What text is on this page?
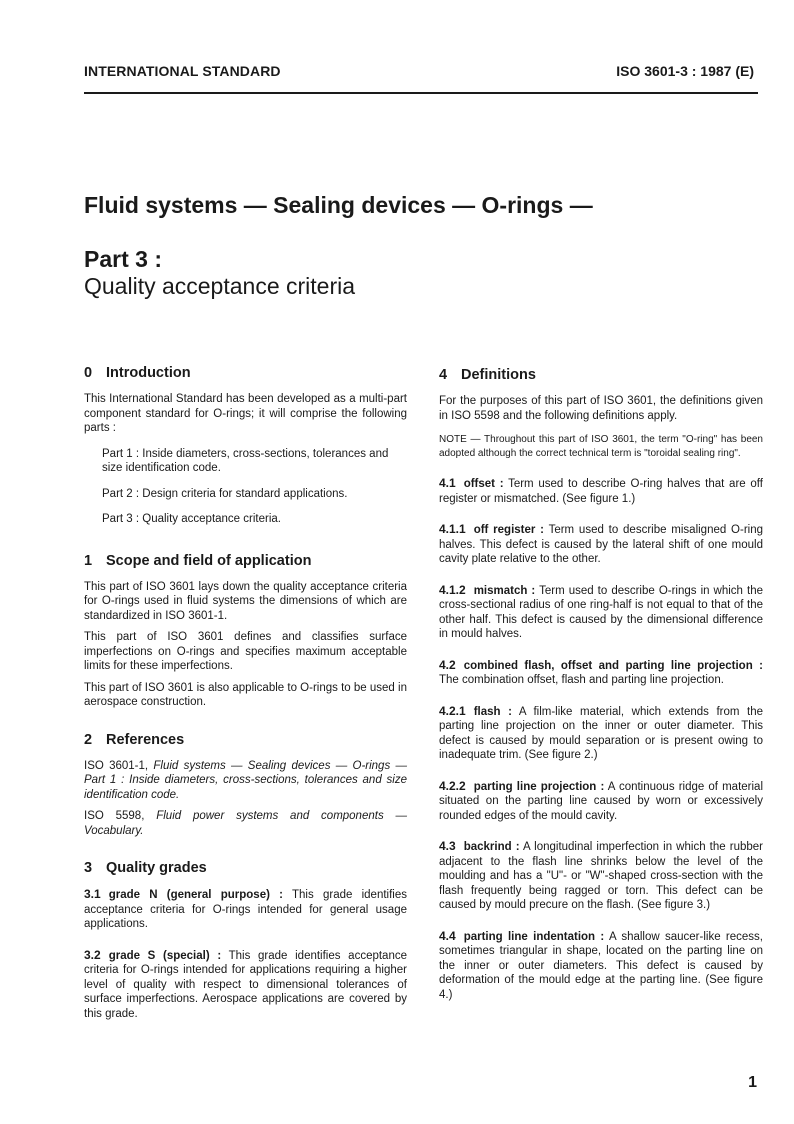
INTERNATIONAL STANDARD	ISO 3601-3 : 1987 (E)
Fluid systems — Sealing devices — O-rings —
Part 3 :
Quality acceptance criteria
0 Introduction

This International Standard has been developed as a multi-part component standard for O-rings; it will comprise the following parts :

Part 1 : Inside diameters, cross-sections, tolerances and size identification code.

Part 2 : Design criteria for standard applications.

Part 3 : Quality acceptance criteria.

1 Scope and field of application

This part of ISO 3601 lays down the quality acceptance criteria for O-rings used in fluid systems the dimensions of which are standardized in ISO 3601-1.

This part of ISO 3601 defines and classifies surface imperfections on O-rings and specifies maximum acceptable limits for these imperfections.

This part of ISO 3601 is also applicable to O-rings to be used in aerospace construction.

2 References

ISO 3601-1, Fluid systems — Sealing devices — O-rings — Part 1 : Inside diameters, cross-sections, tolerances and size identification code.

ISO 5598, Fluid power systems and components — Vocabulary.

3 Quality grades

3.1 grade N (general purpose) : This grade identifies acceptance criteria for O-rings intended for general usage applications.

3.2 grade S (special) : This grade identifies acceptance criteria for O-rings intended for applications requiring a higher level of quality with respect to dimensional tolerances of surface imperfections. Aerospace applications are covered by this grade.

4 Definitions

For the purposes of this part of ISO 3601, the definitions given in ISO 5598 and the following definitions apply.

NOTE — Throughout this part of ISO 3601, the term "O-ring" has been adopted although the correct technical term is "toroidal sealing ring".

4.1 offset : Term used to describe O-ring halves that are off register or mismatched. (See figure 1.)

4.1.1 off register : Term used to describe misaligned O-ring halves. This defect is caused by the lateral shift of one mould cavity plate relative to the other.

4.1.2 mismatch : Term used to describe O-rings in which the cross-sectional radius of one ring-half is not equal to that of the other half. This defect is caused by the dimensional difference in mould halves.

4.2 combined flash, offset and parting line projection : The combination offset, flash and parting line projection.

4.2.1 flash : A film-like material, which extends from the parting line projection on the inner or outer diameter. This defect is caused by mould separation or is present owing to inadequate trim. (See figure 2.)

4.2.2 parting line projection : A continuous ridge of material situated on the parting line caused by worn or excessively rounded edges of the mould cavity.

4.3 backrind : A longitudinal imperfection in which the rubber adjacent to the flash line shrinks below the level of the moulding and has a "U"- or "W"-shaped cross-section with the flash frequently being ragged or torn. This defect can be caused by mould precure on the flash. (See figure 3.)

4.4 parting line indentation : A shallow saucer-like recess, sometimes triangular in shape, located on the parting line on the inner or outer diameters. This defect is caused by deformation of the mould edge at the parting line. (See figure 4.)

1
